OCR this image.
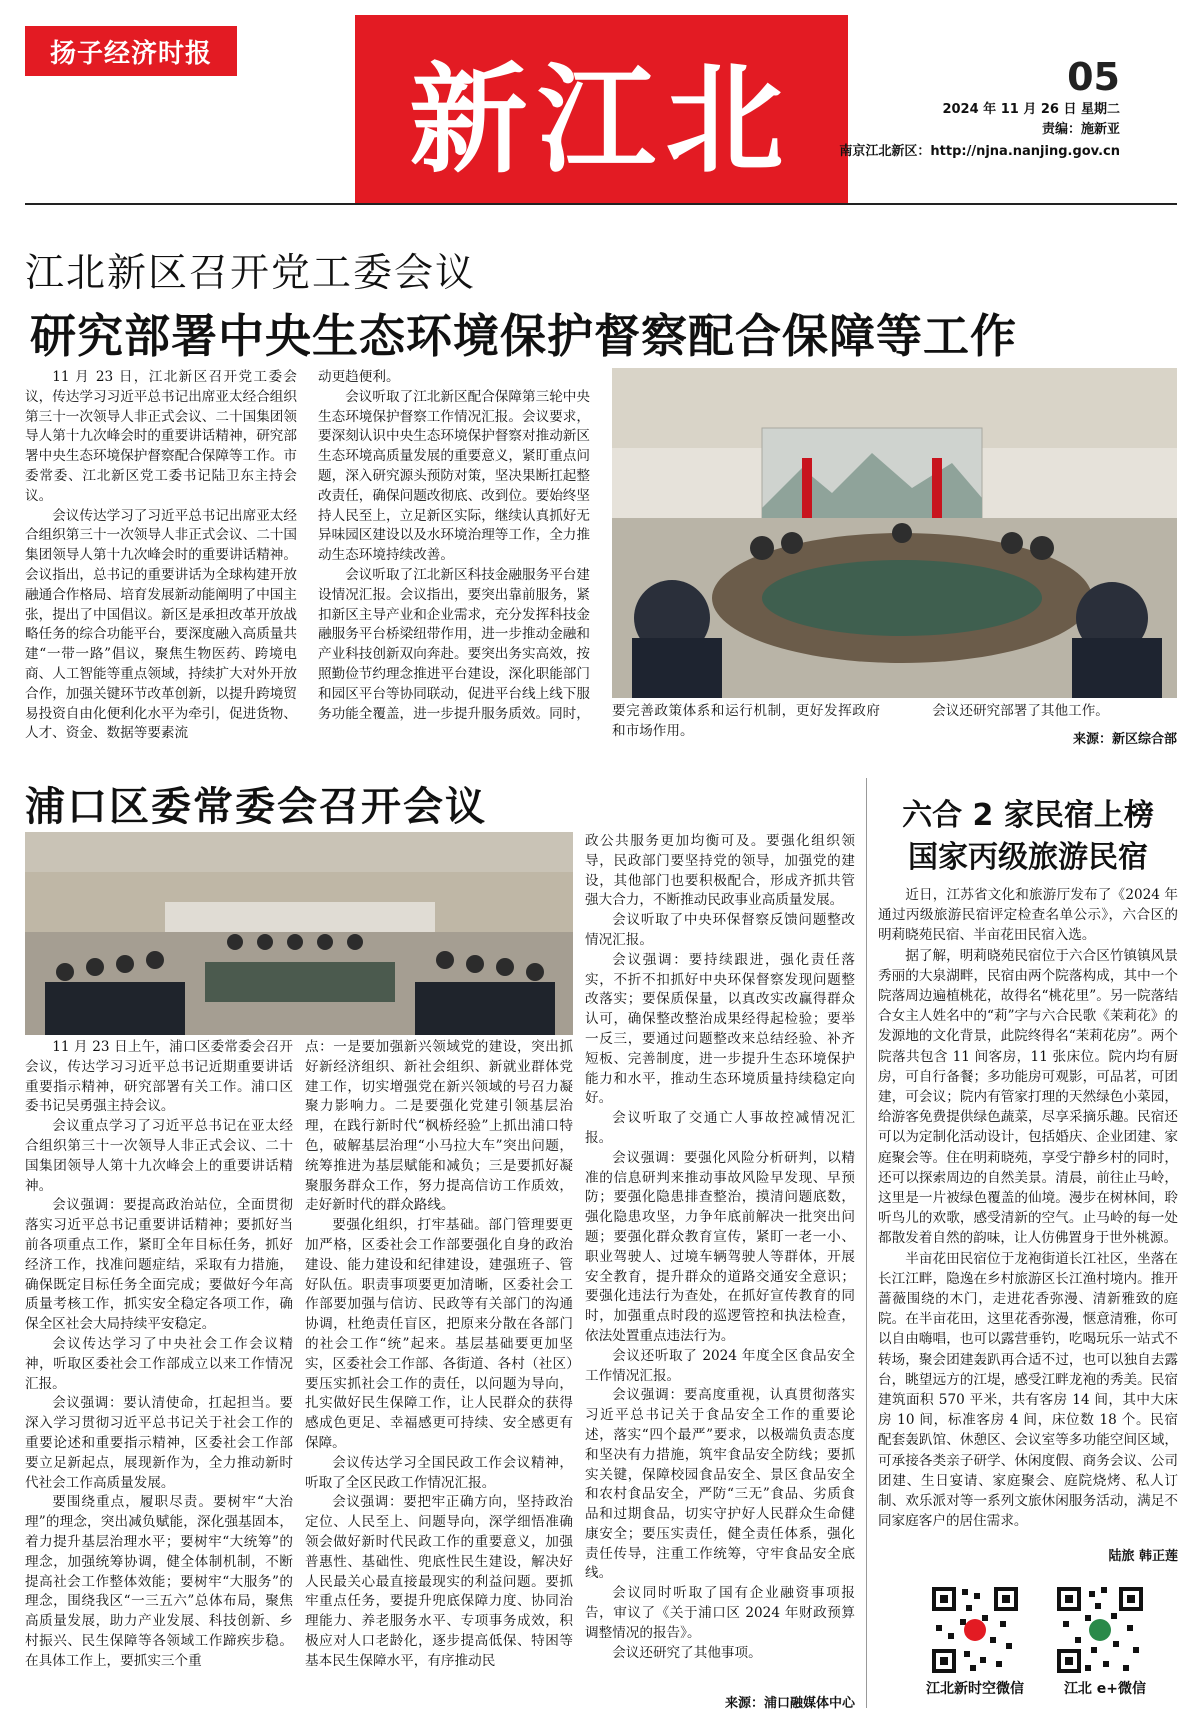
扬子经济时报	新江北	05
2024 年 11 月 26 日 星期二
责编：施新亚
南京江北新区：http://njna.nanjing.gov.cn
江北新区召开党工委会议
研究部署中央生态环境保护督察配合保障等工作

11 月 23 日，江北新区召开党工委会议，传达学习习近平总书记出席亚太经合组织第三十一次领导人非正式会议、二十国集团领导人第十九次峰会时的重要讲话精神，研究部署中央生态环境保护督察配合保障等工作。市委常委、江北新区党工委书记陆卫东主持会议。

会议传达学习了习近平总书记出席亚太经合组织第三十一次领导人非正式会议、二十国集团领导人第十九次峰会时的重要讲话精神。会议指出，总书记的重要讲话为全球构建开放融通合作格局、培育发展新动能阐明了中国主张，提出了中国倡议。新区是承担改革开放战略任务的综合功能平台，要深度融入高质量共建“一带一路”倡议，聚焦生物医药、跨境电商、人工智能等重点领域，持续扩大对外开放合作，加强关键环节改革创新，以提升跨境贸易投资自由化便利化水平为牵引，促进货物、人才、资金、数据等要素流

动更趋便利。

会议听取了江北新区配合保障第三轮中央生态环境保护督察工作情况汇报。会议要求，要深刻认识中央生态环境保护督察对推动新区生态环境高质量发展的重要意义，紧盯重点问题，深入研究源头预防对策，坚决果断扛起整改责任，确保问题改彻底、改到位。要始终坚持人民至上，立足新区实际，继续认真抓好无异味园区建设以及水环境治理等工作，全力推动生态环境持续改善。

会议听取了江北新区科技金融服务平台建设情况汇报。会议指出，要突出靠前服务，紧扣新区主导产业和企业需求，充分发挥科技金融服务平台桥梁纽带作用，进一步推动金融和产业科技创新双向奔赴。要突出务实高效，按照勤俭节约理念推进平台建设，深化职能部门和园区平台等协同联动，促进平台线上线下服务功能全覆盖，进一步提升服务质效。同时， 要完善政策体系和运行机制，更好发挥政府和市场作用。

会议还研究部署了其他工作。

来源：新区综合部
浦口区委常委会召开会议

11 月 23 日上午，浦口区委常委会召开会议，传达学习习近平总书记近期重要讲话重要指示精神，研究部署有关工作。浦口区委书记吴勇强主持会议。

会议重点学习了习近平总书记在亚太经合组织第三十一次领导人非正式会议、二十国集团领导人第十九次峰会上的重要讲话精神。

会议强调：要提高政治站位，全面贯彻落实习近平总书记重要讲话精神；要抓好当前各项重点工作，紧盯全年目标任务，抓好经济工作，找准问题症结，采取有力措施，确保既定目标任务全面完成；要做好今年高质量考核工作，抓实安全稳定各项工作，确保全区社会大局持续平安稳定。

会议传达学习了中央社会工作会议精神，听取区委社会工作部成立以来工作情况汇报。

会议强调：要认清使命，扛起担当。要深入学习贯彻习近平总书记关于社会工作的重要论述和重要指示精神，区委社会工作部要立足新起点，展现新作为，全力推动新时代社会工作高质量发展。

要围绕重点，履职尽责。要树牢“大治理”的理念，突出减负赋能，深化强基固本，着力提升基层治理水平；要树牢“大统筹”的理念，加强统筹协调，健全体制机制，不断提高社会工作整体效能；要树牢“大服务”的理念，围绕我区“一三五六”总体布局，聚焦高质量发展，助力产业发展、科技创新、乡村振兴、民生保障等各领域工作蹄疾步稳。在具体工作上，要抓实三个重

点：一是要加强新兴领域党的建设，突出抓好新经济组织、新社会组织、新就业群体党建工作，切实增强党在新兴领域的号召力凝聚力影响力。二是要强化党建引领基层治理，在践行新时代“枫桥经验”上抓出浦口特色，破解基层治理“小马拉大车”突出问题，统筹推进为基层赋能和减负；三是要抓好凝聚服务群众工作，努力提高信访工作质效，走好新时代的群众路线。

要强化组织，打牢基础。部门管理要更加严格，区委社会工作部要强化自身的政治建设、能力建设和纪律建设，建强班子、管好队伍。职责事项要更加清晰，区委社会工作部要加强与信访、民政等有关部门的沟通协调，杜绝责任盲区，把原来分散在各部门的社会工作“统”起来。基层基础要更加坚实，区委社会工作部、各街道、各村（社区）要压实抓社会工作的责任，以问题为导向，扎实做好民生保障工作，让人民群众的获得感成色更足、幸福感更可持续、安全感更有保障。

会议传达学习全国民政工作会议精神，听取了全区民政工作情况汇报。

会议强调：要把牢正确方向，坚持政治定位、人民至上、问题导向，深学细悟准确领会做好新时代民政工作的重要意义，加强普惠性、基础性、兜底性民生建设，解决好人民最关心最直接最现实的利益问题。要抓牢重点任务，要提升兜底保障力度、协同治理能力、养老服务水平、专项事务成效，积极应对人口老龄化，逐步提高低保、特困等基本民生保障水平，有序推动民

政公共服务更加均衡可及。要强化组织领导，民政部门要坚持党的领导，加强党的建设，其他部门也要积极配合，形成齐抓共管强大合力，不断推动民政事业高质量发展。

会议听取了中央环保督察反馈问题整改情况汇报。

会议强调：要持续跟进，强化责任落实，不折不扣抓好中央环保督察发现问题整改落实；要保质保量，以真改实改赢得群众认可，确保整改整治成果经得起检验；要举一反三，要通过问题整改来总结经验、补齐短板、完善制度，进一步提升生态环境保护能力和水平，推动生态环境质量持续稳定向好。

会议听取了交通亡人事故控减情况汇报。

会议强调：要强化风险分析研判，以精准的信息研判来推动事故风险早发现、早预防；要强化隐患排查整治，摸清问题底数，强化隐患攻坚，力争年底前解决一批突出问题；要强化群众教育宣传，紧盯一老一小、职业驾驶人、过境车辆驾驶人等群体，开展安全教育，提升群众的道路交通安全意识；要强化违法行为查处，在抓好宣传教育的同时，加强重点时段的巡逻管控和执法检查，依法处置重点违法行为。

会议还听取了 2024 年度全区食品安全工作情况汇报。

会议强调：要高度重视，认真贯彻落实习近平总书记关于食品安全工作的重要论述，落实“四个最严”要求，以极端负责态度和坚决有力措施，筑牢食品安全防线；要抓实关键，保障校园食品安全、景区食品安全和农村食品安全，严防“三无”食品、劣质食品和过期食品，切实守护好人民群众生命健康安全；要压实责任，健全责任体系，强化责任传导，注重工作统筹，守牢食品安全底线。

会议同时听取了国有企业融资事项报告，审议了《关于浦口区 2024 年财政预算调整情况的报告》。

会议还研究了其他事项。

来源：浦口融媒体中心
六合 2 家民宿上榜
国家丙级旅游民宿

近日，江苏省文化和旅游厅发布了《2024 年通过丙级旅游民宿评定检查名单公示》，六合区的明莉晓苑民宿、半亩花田民宿入选。

据了解，明莉晓苑民宿位于六合区竹镇镇风景秀丽的大泉湖畔，民宿由两个院落构成，其中一个院落周边遍植桃花，故得名“桃花里”。另一院落结合女主人姓名中的“莉”字与六合民歌《茉莉花》的发源地的文化背景，此院终得名“茉莉花房”。两个院落共包含 11 间客房，11 张床位。院内均有厨房，可自行备餐；多功能房可观影，可品茗，可团建，可会议；院内有管家打理的天然绿色小菜园，给游客免费提供绿色蔬菜，尽享采摘乐趣。民宿还可以为定制化活动设计，包括婚庆、企业团建、家庭聚会等。住在明莉晓苑，享受宁静乡村的同时，还可以探索周边的自然美景。清晨，前往止马岭，这里是一片被绿色覆盖的仙境。漫步在树林间，聆听鸟儿的欢歌，感受清新的空气。止马岭的每一处都散发着自然的韵味，让人仿佛置身于世外桃源。

半亩花田民宿位于龙袍街道长江社区，坐落在长江江畔，隐逸在乡村旅游区长江渔村境内。推开蔷薇围绕的木门，走进花香弥漫、清新雅致的庭院。在半亩花田，这里花香弥漫，惬意清雅，你可以自由嗨唱，也可以露营垂钓，吃喝玩乐一站式不转场，聚会团建轰趴再合适不过，也可以独自去露台，眺望远方的江堤，感受江畔龙袍的秀美。民宿建筑面积 570 平米，共有客房 14 间，其中大床房 10 间，标准客房 4 间，床位数 18 个。民宿配套轰趴馆、休憩区、会议室等多功能空间区域，可承接各类亲子研学、休闲度假、商务会议、公司团建、生日宴请、家庭聚会、庭院烧烤、私人订制、欢乐派对等一系列文旅休闲服务活动，满足不同家庭客户的居住需求。

陆旅 韩正莲
江北新时空微信	江北 e+微信
